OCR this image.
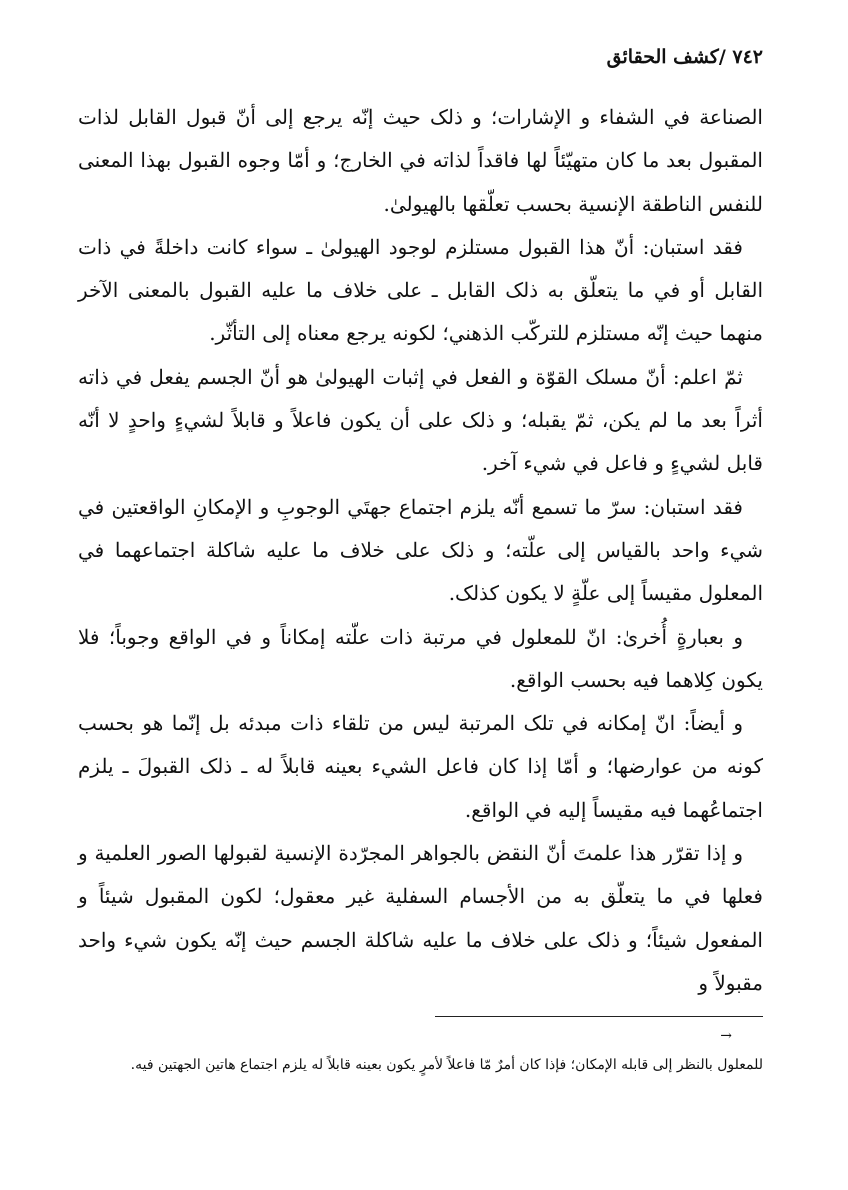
٧٤٢ /كشف الحقائق

الصناعة في الشفاء و الإشارات؛ و ذلک حيث إنّه يرجع إلی أنّ قبول القابل لذات المقبول بعد ما كان متهيّئاً لها فاقداً لذاته في الخارج؛ و أمّا وجوه القبول بهذا المعنی للنفس الناطقة الإنسية بحسب تعلّقها بالهيولیٰ.

فقد استبان: أنّ هذا القبول مستلزم لوجود الهيولیٰ ـ سواء كانت داخلةً في ذات القابل أو في ما يتعلّق به ذلک القابل ـ علی خلاف ما عليه القبول بالمعنی الآخر منهما حيث إنّه مستلزم للتركّب الذهني؛ لكونه يرجع معناه إلی التأثّر.

ثمّ اعلم: أنّ مسلک القوّة و الفعل في إثبات الهيولیٰ هو أنّ الجسم يفعل في ذاته أثراً بعد ما لم يكن، ثمّ يقبله؛ و ذلک علی أن يكون فاعلاً و قابلاً لشيءٍ واحدٍ لا أنّه قابل لشيءٍ و فاعل في شيء آخر.

فقد استبان: سرّ ما تسمع أنّه يلزم اجتماع جهتَي الوجوبِ و الإمكانِ الواقعتين في شيء واحد بالقياس إلی علّته؛ و ذلک علی خلاف ما عليه شاكلة اجتماعهما في المعلول مقيساً إلی علّةٍ لا يكون كذلک.

و بعبارةٍ أُخریٰ: انّ للمعلول في مرتبة ذات علّته إمكاناً و في الواقع وجوباً؛ فلا يكون كِلاهما فيه بحسب الواقع.

و أيضاً: انّ إمكانه في تلک المرتبة ليس من تلقاء ذات مبدئه بل إنّما هو بحسب كونه من عوارضها؛ و أمّا إذا كان فاعل الشيء بعينه قابلاً له ـ ذلک القبولَ ـ يلزم اجتماعُهما فيه مقيساً إليه في الواقع.

و إذا تقرّر هذا علمتَ أنّ النقض بالجواهر المجرّدة الإنسية لقبولها الصور العلمية و فعلها في ما يتعلّق به من الأجسام السفلية غير معقول؛ لكون المقبول شيئاً و المفعول شيئاً؛ و ذلک علی خلاف ما عليه شاكلة الجسم حيث إنّه يكون شيء واحد مقبولاً و

→
للمعلول بالنظر إلی قابله الإمكان؛ فإذا كان أمرٌ مّا فاعلاً لأمرٍ يكون بعينه قابلاً له يلزم اجتماع هاتين الجهتين فيه.
